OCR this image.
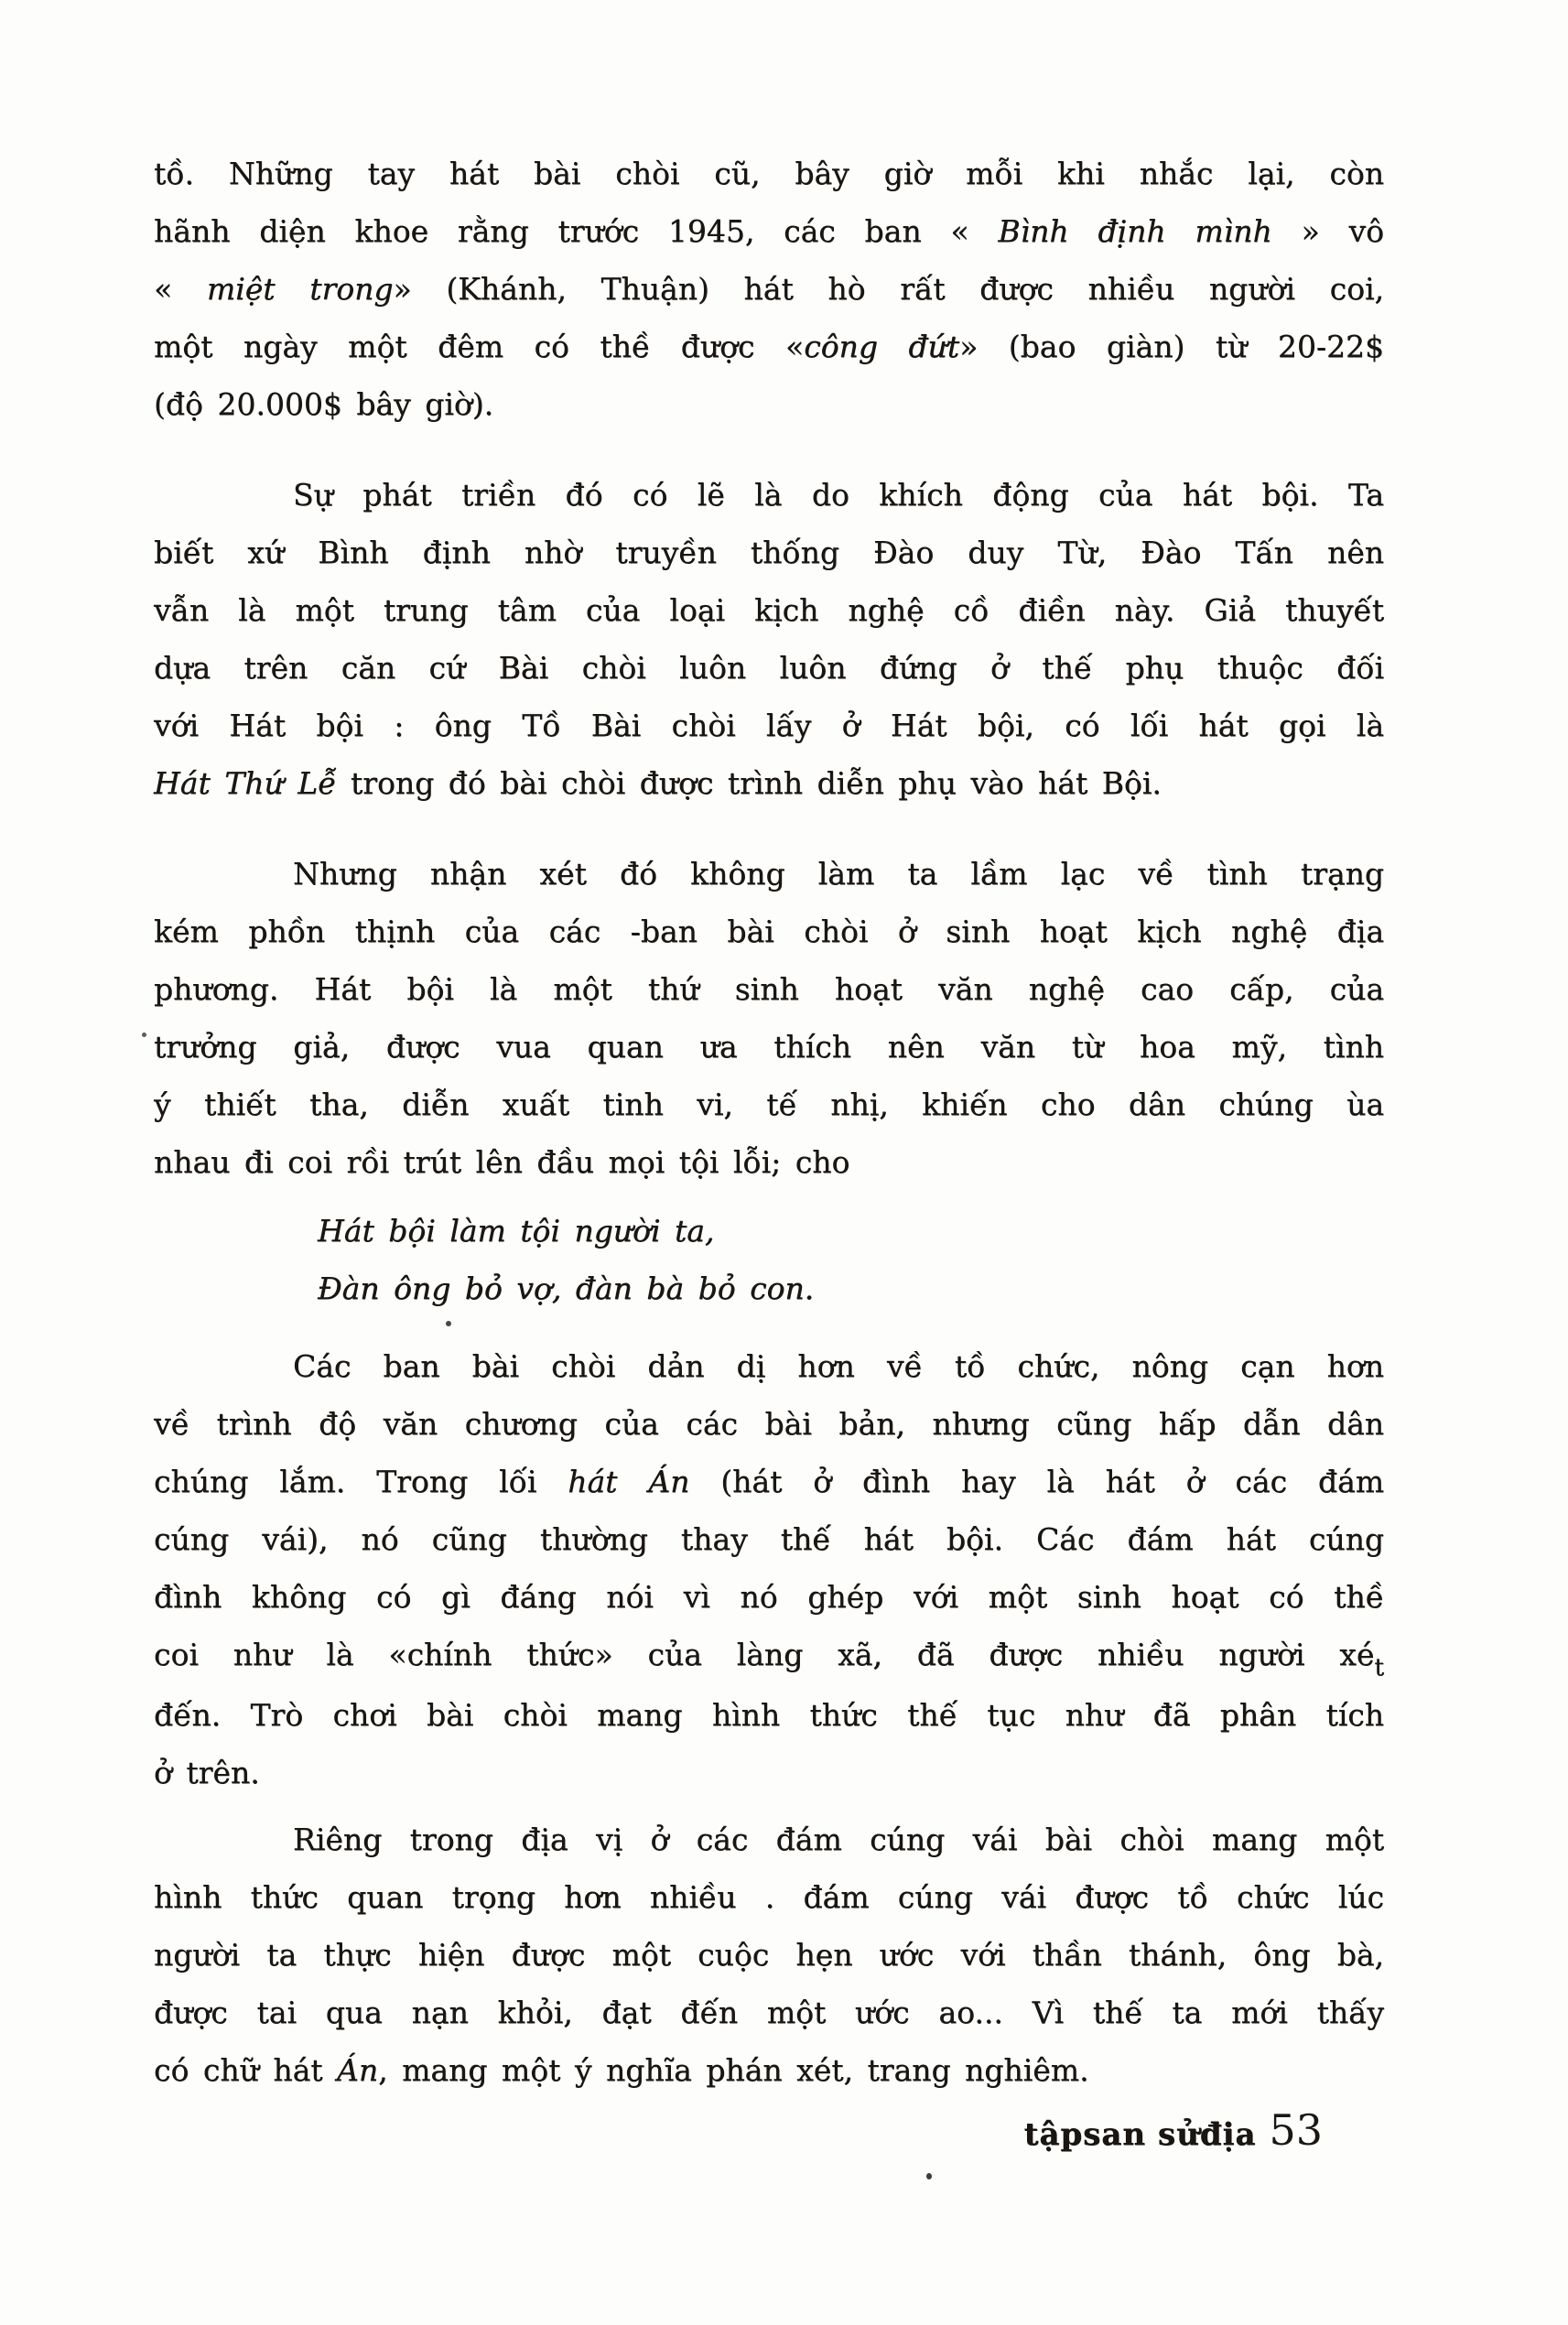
tồ. Những tay hát bài chòi cũ, bây giờ mỗi khi nhắc lại, còn
hãnh diện khoe rằng trước 1945, các ban « Bình định mình » vô
« miệt trong» (Khánh, Thuận) hát hò rất được nhiều người coi,
một ngày một đêm có thề được «công đứt» (bao giàn) từ 20-22$
(độ 20.000$ bây giờ).
Sự phát triền đó có lẽ là do khích động của hát bội. Ta
biết xứ Bình định nhờ truyền thống Đào duy Từ, Đào Tấn nên
vẫn là một trung tâm của loại kịch nghệ cồ điền này. Giả thuyết
dựa trên căn cứ Bài chòi luôn luôn đứng ở thế phụ thuộc đối
với Hát bội : ông Tồ Bài chòi lấy ở Hát bội, có lối hát gọi là
Hát Thứ Lễ trong đó bài chòi được trình diễn phụ vào hát Bội.
Nhưng nhận xét đó không làm ta lầm lạc về tình trạng
kém phồn thịnh của các -ban bài chòi ở sinh hoạt kịch nghệ địa
phương. Hát bội là một thứ sinh hoạt văn nghệ cao cấp, của
trưởng giả, được vua quan ưa thích nên văn từ hoa mỹ, tình
ý thiết tha, diễn xuất tinh vi, tế nhị, khiến cho dân chúng ùa
nhau đi coi rồi trút lên đầu mọi tội lỗi; cho
Hát bội làm tội người ta,
Đàn ông bỏ vợ, đàn bà bỏ con.
Các ban bài chòi dản dị hơn về tồ chức, nông cạn hơn
về trình độ văn chương của các bài bản, nhưng cũng hấp dẫn dân
chúng lắm. Trong lối hát Án (hát ở đình hay là hát ở các đám
cúng vái), nó cũng thường thay thế hát bội. Các đám hát cúng
đình không có gì đáng nói vì nó ghép với một sinh hoạt có thề
coi như là «chính thức» của làng xã, đã được nhiều người xét
đến. Trò chơi bài chòi mang hình thức thế tục như đã phân tích
ở trên.
Riêng trong địa vị ở các đám cúng vái bài chòi mang một
hình thức quan trọng hơn nhiều . đám cúng vái được tồ chức lúc
người ta thực hiện được một cuộc hẹn ước với thần thánh, ông bà,
được tai qua nạn khỏi, đạt đến một ước ao... Vì thế ta mới thấy
có chữ hát Án, mang một ý nghĩa phán xét, trang nghiêm.
tậpsan sửđịa 53
